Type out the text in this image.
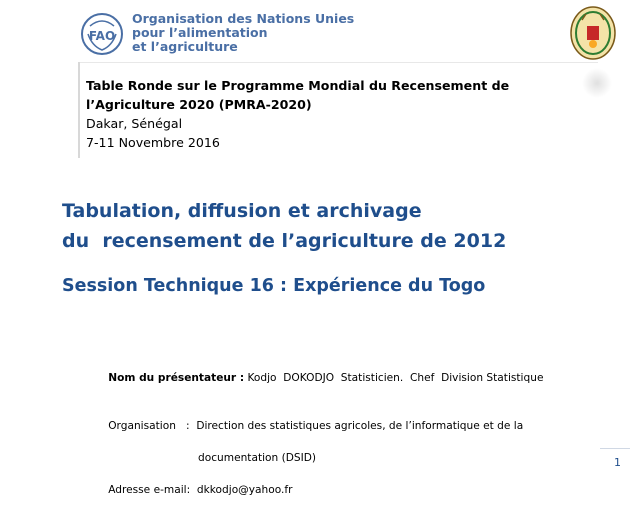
FAO
Organisation des Nations Unies
pour l’alimentation
et l’agriculture
Table Ronde sur le Programme Mondial du Recensement de
l’Agriculture 2020 (PMRA-2020)
Dakar, Sénégal
7-11 Novembre 2016
Tabulation, diffusion et archivage
du  recensement de l’agriculture de 2012
Session Technique 16 : Expérience du Togo

Nom du présentateur : Kodjo  DOKODJO  Statisticien.  Chef  Division Statistique

Organisation   :  Direction des statistiques agricoles, de l’informatique et de la

documentation (DSID)

Adresse e-mail:  dkkodjo@yahoo.fr

1
